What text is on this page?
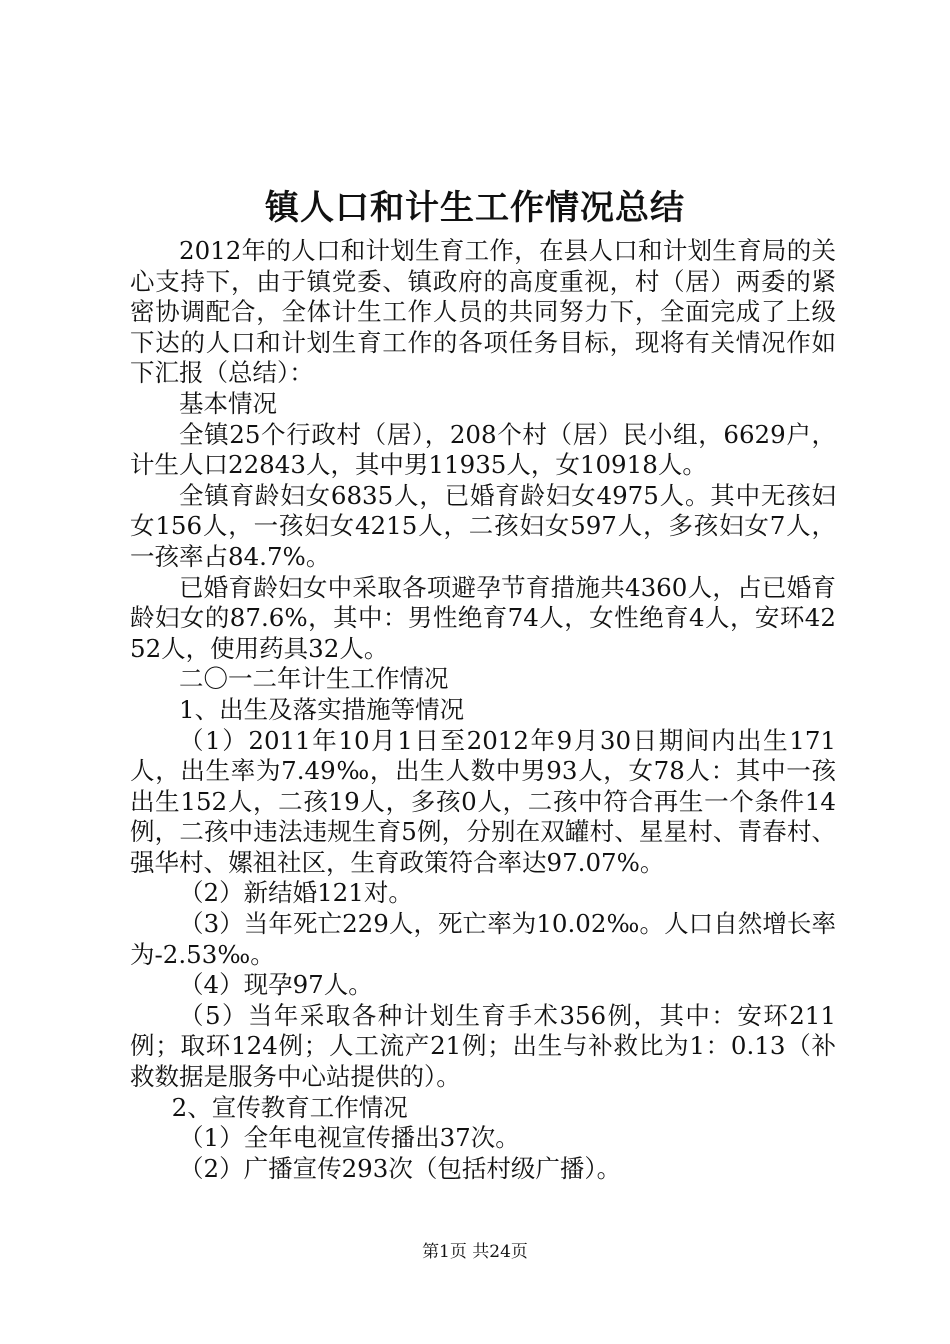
镇人口和计生工作情况总结

2012年的人口和计划生育工作，在县人口和计划生育局的关心支持下，由于镇党委、镇政府的高度重视，村（居）两委的紧密协调配合，全体计生工作人员的共同努力下，全面完成了上级下达的人口和计划生育工作的各项任务目标，现将有关情况作如下汇报（总结）：

基本情况

全镇25个行政村（居），208个村（居）民小组，6629户，计生人口22843人，其中男11935人，女10918人。

全镇育龄妇女6835人，已婚育龄妇女4975人。其中无孩妇女156人，一孩妇女4215人，二孩妇女597人，多孩妇女7人，一孩率占84.7%。

已婚育龄妇女中采取各项避孕节育措施共4360人，占已婚育龄妇女的87.6%，其中：男性绝育74人，女性绝育4人，安环4252人，使用药具32人。

二〇一二年计生工作情况

1、出生及落实措施等情况

（1）2011年10月1日至2012年9月30日期间内出生171人，出生率为7.49‰，出生人数中男93人，女78人：其中一孩出生152人，二孩19人，多孩0人，二孩中符合再生一个条件14例，二孩中违法违规生育5例，分别在双罐村、星星村、青春村、强华村、嫘祖社区，生育政策符合率达97.07%。

（2）新结婚121对。

（3）当年死亡229人，死亡率为10.02‰。人口自然增长率为-2.53‰。

（4）现孕97人。

（5）当年采取各种计划生育手术356例，其中：安环211例；取环124例；人工流产21例；出生与补救比为1：0.13（补救数据是服务中心站提供的）。

2、宣传教育工作情况

（1）全年电视宣传播出37次。

（2）广播宣传293次（包括村级广播）。

第1页 共24页
